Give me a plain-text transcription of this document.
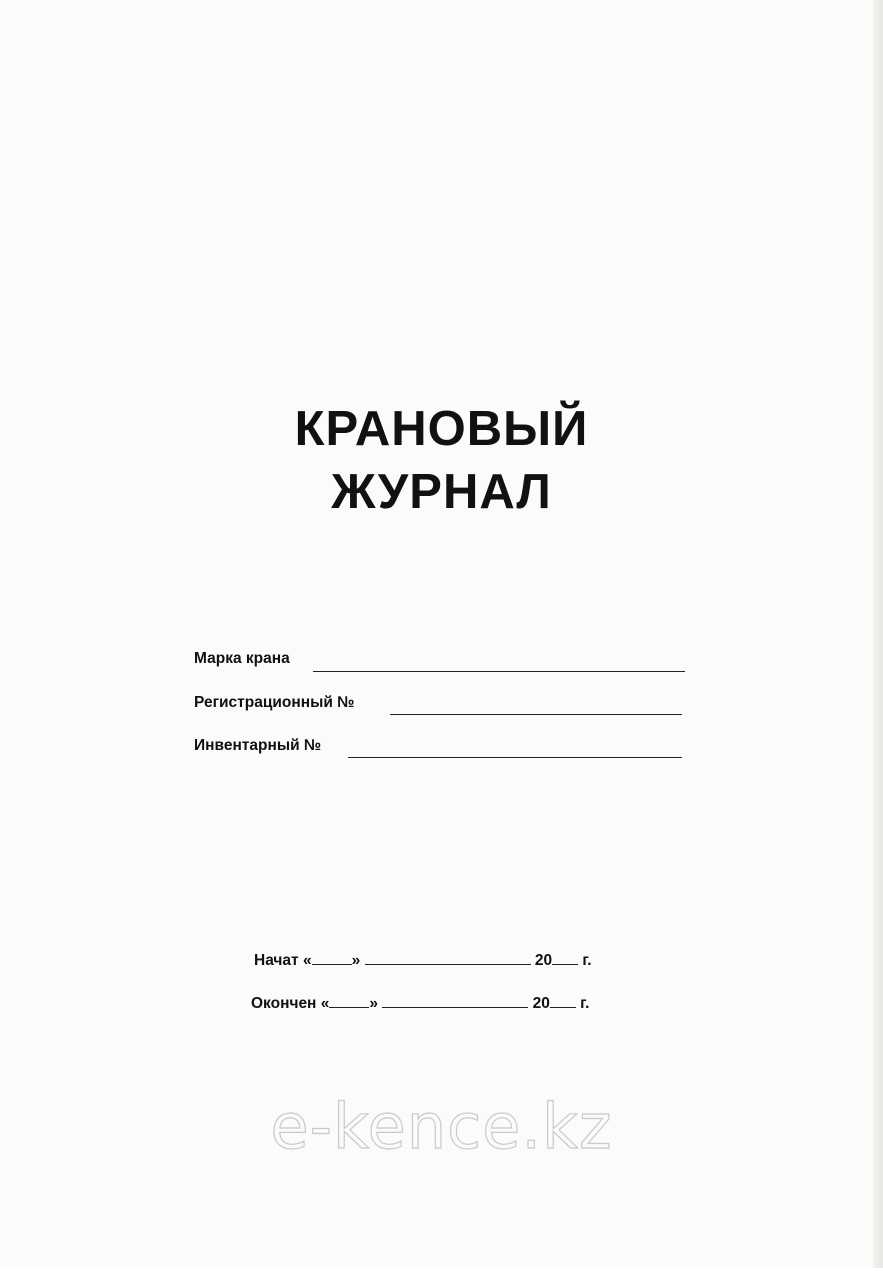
КРАНОВЫЙ
ЖУРНАЛ
Марка крана
Регистрационный №
Инвентарный №
Начат «	»	20 г.
Окончен «	»	20 г.
e-kence.kz
